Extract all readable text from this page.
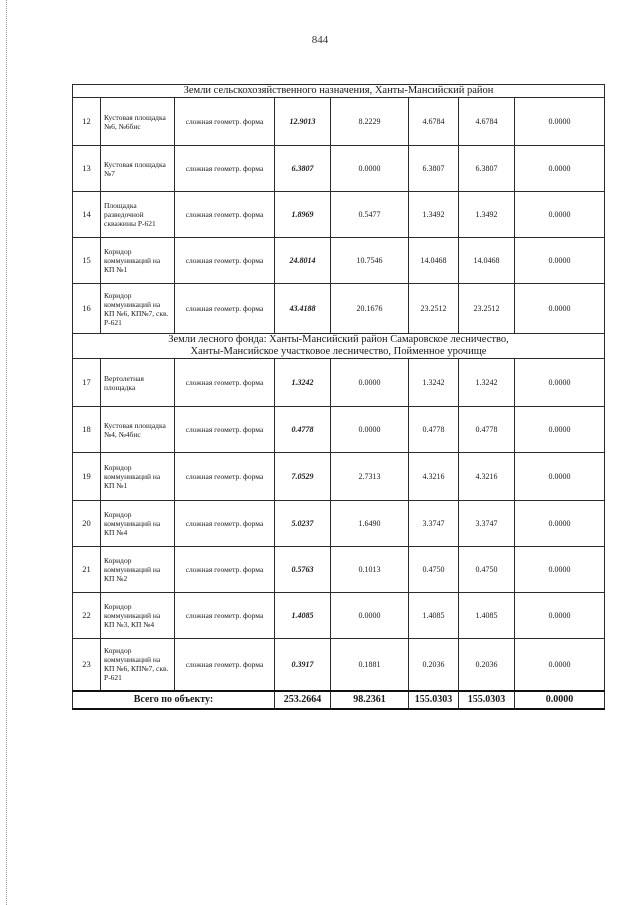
844
Земли сельскохозяйственного назначения, Ханты-Мансийский район							
12	Кустовая площадка №6, №6бис	сложная геометр. форма	12.9013	8.2229	4.6784	4.6784	0.0000
13	Кустовая площадка №7	сложная геометр. форма	6.3807	0.0000	6.3807	6.3807	0.0000
14	Площадка разведочной скважины Р-621	сложная геометр. форма	1.8969	0.5477	1.3492	1.3492	0.0000
15	Коридор коммуникаций на КП №1	сложная геометр. форма	24.8014	10.7546	14.0468	14.0468	0.0000
16	Коридор коммуникаций на КП №6, КП№7, скв. Р-621	сложная геометр. форма	43.4188	20.1676	23.2512	23.2512	0.0000

Земли лесного фонда: Ханты-Мансийский район Самаровское лесничество,
Ханты-Мансийское участковое лесничество, Пойменное урочище							

17	Вертолетная площадка	сложная геометр. форма	1.3242	0.0000	1.3242	1.3242	0.0000
18	Кустовая площадка №4, №4бис	сложная геометр. форма	0.4778	0.0000	0.4778	0.4778	0.0000
19	Коридор коммуникаций на КП №1	сложная геометр. форма	7.0529	2.7313	4.3216	4.3216	0.0000
20	Коридор коммуникаций на КП №4	сложная геометр. форма	5.0237	1.6490	3.3747	3.3747	0.0000
21	Коридор коммуникаций на КП №2	сложная геометр. форма	0.5763	0.1013	0.4750	0.4750	0.0000
22	Коридор коммуникаций на КП №3, КП №4	сложная геометр. форма	1.4085	0.0000	1.4085	1.4085	0.0000
23	Коридор коммуникаций на КП №6, КП№7, скв. Р-621	сложная геометр. форма	0.3917	0.1881	0.2036	0.2036	0.0000
Всего по объекту:			253.2664	98.2361	155.0303	155.0303	0.0000
